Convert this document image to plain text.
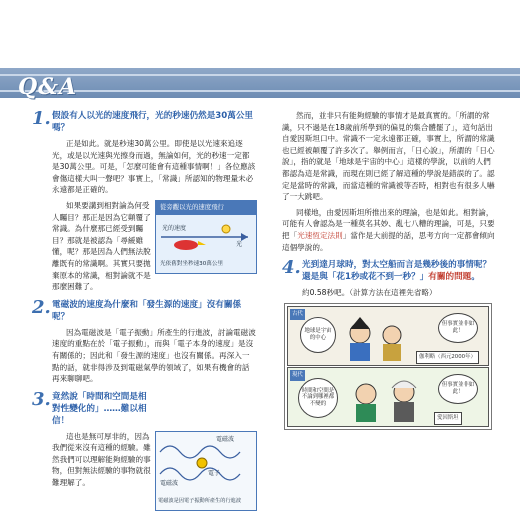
Q&A
1. 假設有人以光的速度飛行，光的秒速仍然是30萬公里嗎？

正是如此。就是秒速30萬公里。即使是以光速來追逐光，或是以光速與光擦身而過，無論如何，光的秒速一定都是30萬公里。可是，「怎麼可能會有這種事情啊！」各位應該會傷這樣大叫一聲吧？事實上，「常識」所認知的物理量未必永遠都是正確的。

如果要講到相對論為何受人矚目？那正是因為它顛覆了常識。為什麼那已經受到矚目？那就是被認為「尋緩雖懂，呢？那是因為人們無法脫離既有的常識啊。其實只要拋棄原本的常識，相對論就不是那麼困難了。

從旁觀以光的速度飛行
光的速度
光
光依舊對坐秒速30萬公里
2. 電磁波的速度為什麼和「發生源的速度」沒有關係呢？

因為電磁波是「電子振動」所產生的行進波，討論電磁波速度的重點在於「電子振動」，而與「電子本身的速度」是沒有關係的；因此和「發生源的速度」也沒有關係。再深入一點的話，就非得涉及到電磁氣學的領域了，如果有機會的話再來聊聊吧。

3. 竟然說「時間和空間是相對性變化的」……難以相信！

這也是無可厚非的，因為我們從來沒有這種的經驗。雖然我們可以理解能夠經驗的事物，但對無法經驗的事物就很難理解了。

電磁波
電子
電磁波
電磁波是因電子振動所產生的行進波

然而，並非只有能夠經驗的事情才是最真實的。「所謂的常識，只不過是在18歲前所學到的偏見的集合體罷了」，這句話出自愛因斯坦口中。常識不一定永遠都正確，事實上，所謂的常識也已經被顛覆了許多次了。舉例而言，「日心說」，所謂的「日心說」，指的就是「地球是宇宙的中心」這樣的學說，以前的人們都認為這是常識，而現在則已經了解這種的學說是錯誤的了。認定是當時的常識，而當這種的常識被等否時，相對也有很多人嚇了一大跳吧。

同樣地，由愛因斯坦所推出來的理論，也是如此。相對論，可能有人會認為是一種莫名其妙、亂七八糟的理論，可是，只要把「光速恆定法則」當作是大前提的話，思考方向一定都會傾向這個學說的。

4. 光到達月球時，對太空船而言是幾秒後的事情呢？還是與「花1秒或花不到一秒？」有關的問題。
約0.58秒吧。（計算方法在這裡先省略）
古代
地球是宇宙的中心
但事實並非如此！
伽利略（西元2000年）
現代
時間和空間是不論到哪裡都不變的
但事實並非如此！
愛因斯坦
